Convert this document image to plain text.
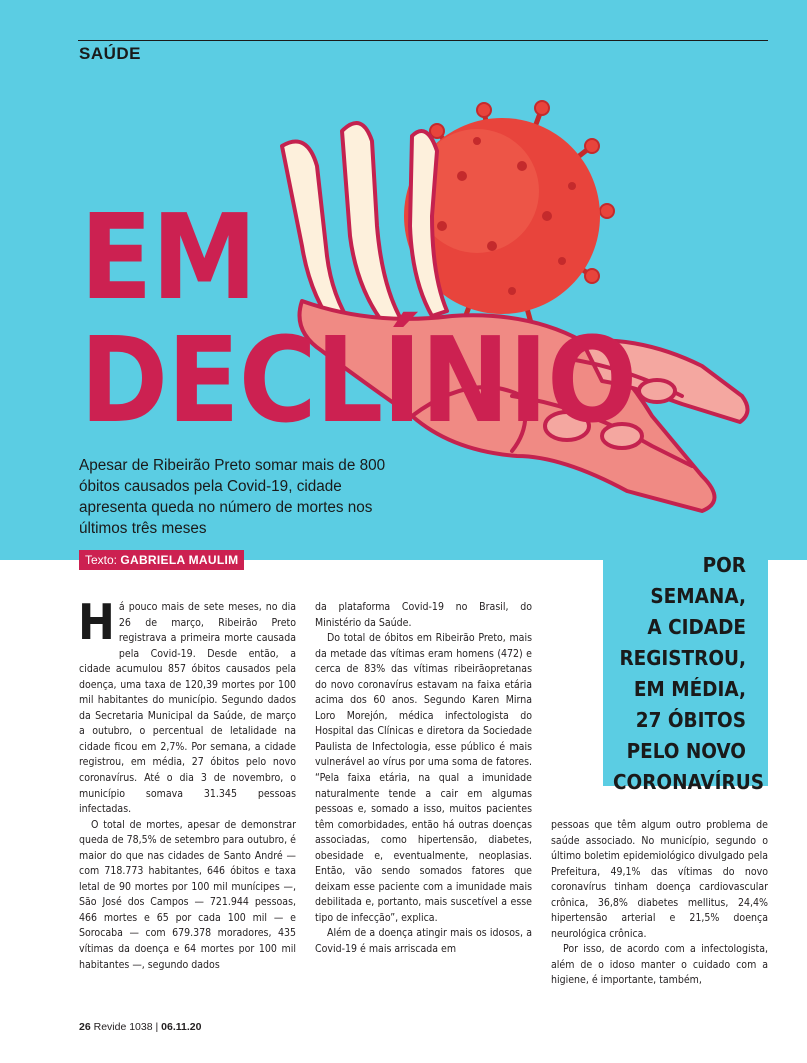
SAÚDE
EM
DECLÍNIO

Apesar de Ribeirão Preto somar mais de 800 óbitos causados pela Covid-19, cidade apresenta queda no número de mortes nos últimos três meses

Texto: GABRIELA MAULIM	POR SEMANA,
A CIDADE
REGISTROU,
EM MÉDIA,
27 ÓBITOS
PELO NOVO
CORONAVÍRUS
H á pouco mais de sete meses, no dia 26 de março, Ribeirão Preto registrava a primeira morte causada pela Covid-19. Desde então, a cidade acumulou 857 óbitos causados pela doença, uma taxa de 120,39 mortes por 100 mil habitantes do município. Segundo dados da Secretaria Municipal da Saúde, de março a outubro, o percentual de letalidade na cidade ficou em 2,7%. Por semana, a cidade registrou, em média, 27 óbitos pelo novo coronavírus. Até o dia 3 de novembro, o município somava 31.345 pessoas infectadas.

O total de mortes, apesar de demonstrar queda de 78,5% de setembro para outubro, é maior do que nas cidades de Santo André — com 718.773 habitantes, 646 óbitos e taxa letal de 90 mortes por 100 mil munícipes —, São José dos Campos — 721.944 pessoas, 466 mortes e 65 por cada 100 mil — e Sorocaba — com 679.378 moradores, 435 vítimas da doença e 64 mortes por 100 mil habitantes —, segundo dados

da plataforma Covid-19 no Brasil, do Ministério da Saúde.

Do total de óbitos em Ribeirão Preto, mais da metade das vítimas eram homens (472) e cerca de 83% das vítimas ribeirãopretanas do novo coronavírus estavam na faixa etária acima dos 60 anos. Segundo Karen Mirna Loro Morejón, médica infectologista do Hospital das Clínicas e diretora da Sociedade Paulista de Infectologia, esse público é mais vulnerável ao vírus por uma soma de fatores. “Pela faixa etária, na qual a imunidade naturalmente tende a cair em algumas pessoas e, somado a isso, muitos pacientes têm comorbidades, então há outras doenças associadas, como hipertensão, diabetes, obesidade e, eventualmente, neoplasias. Então, vão sendo somados fatores que deixam esse paciente com a imunidade mais debilitada e, portanto, mais suscetível a esse tipo de infecção”, explica.

Além de a doença atingir mais os idosos, a Covid-19 é mais arriscada em

pessoas que têm algum outro problema de saúde associado. No município, segundo o último boletim epidemiológico divulgado pela Prefeitura, 49,1% das vítimas do novo coronavírus tinham doença cardiovascular crônica, 36,8% diabetes mellitus, 24,4% hipertensão arterial e 21,5% doença neurológica crônica.

Por isso, de acordo com a infectologista, além de o idoso manter o cuidado com a higiene, é importante, também,

26 Revide 1038 | 06.11.20
